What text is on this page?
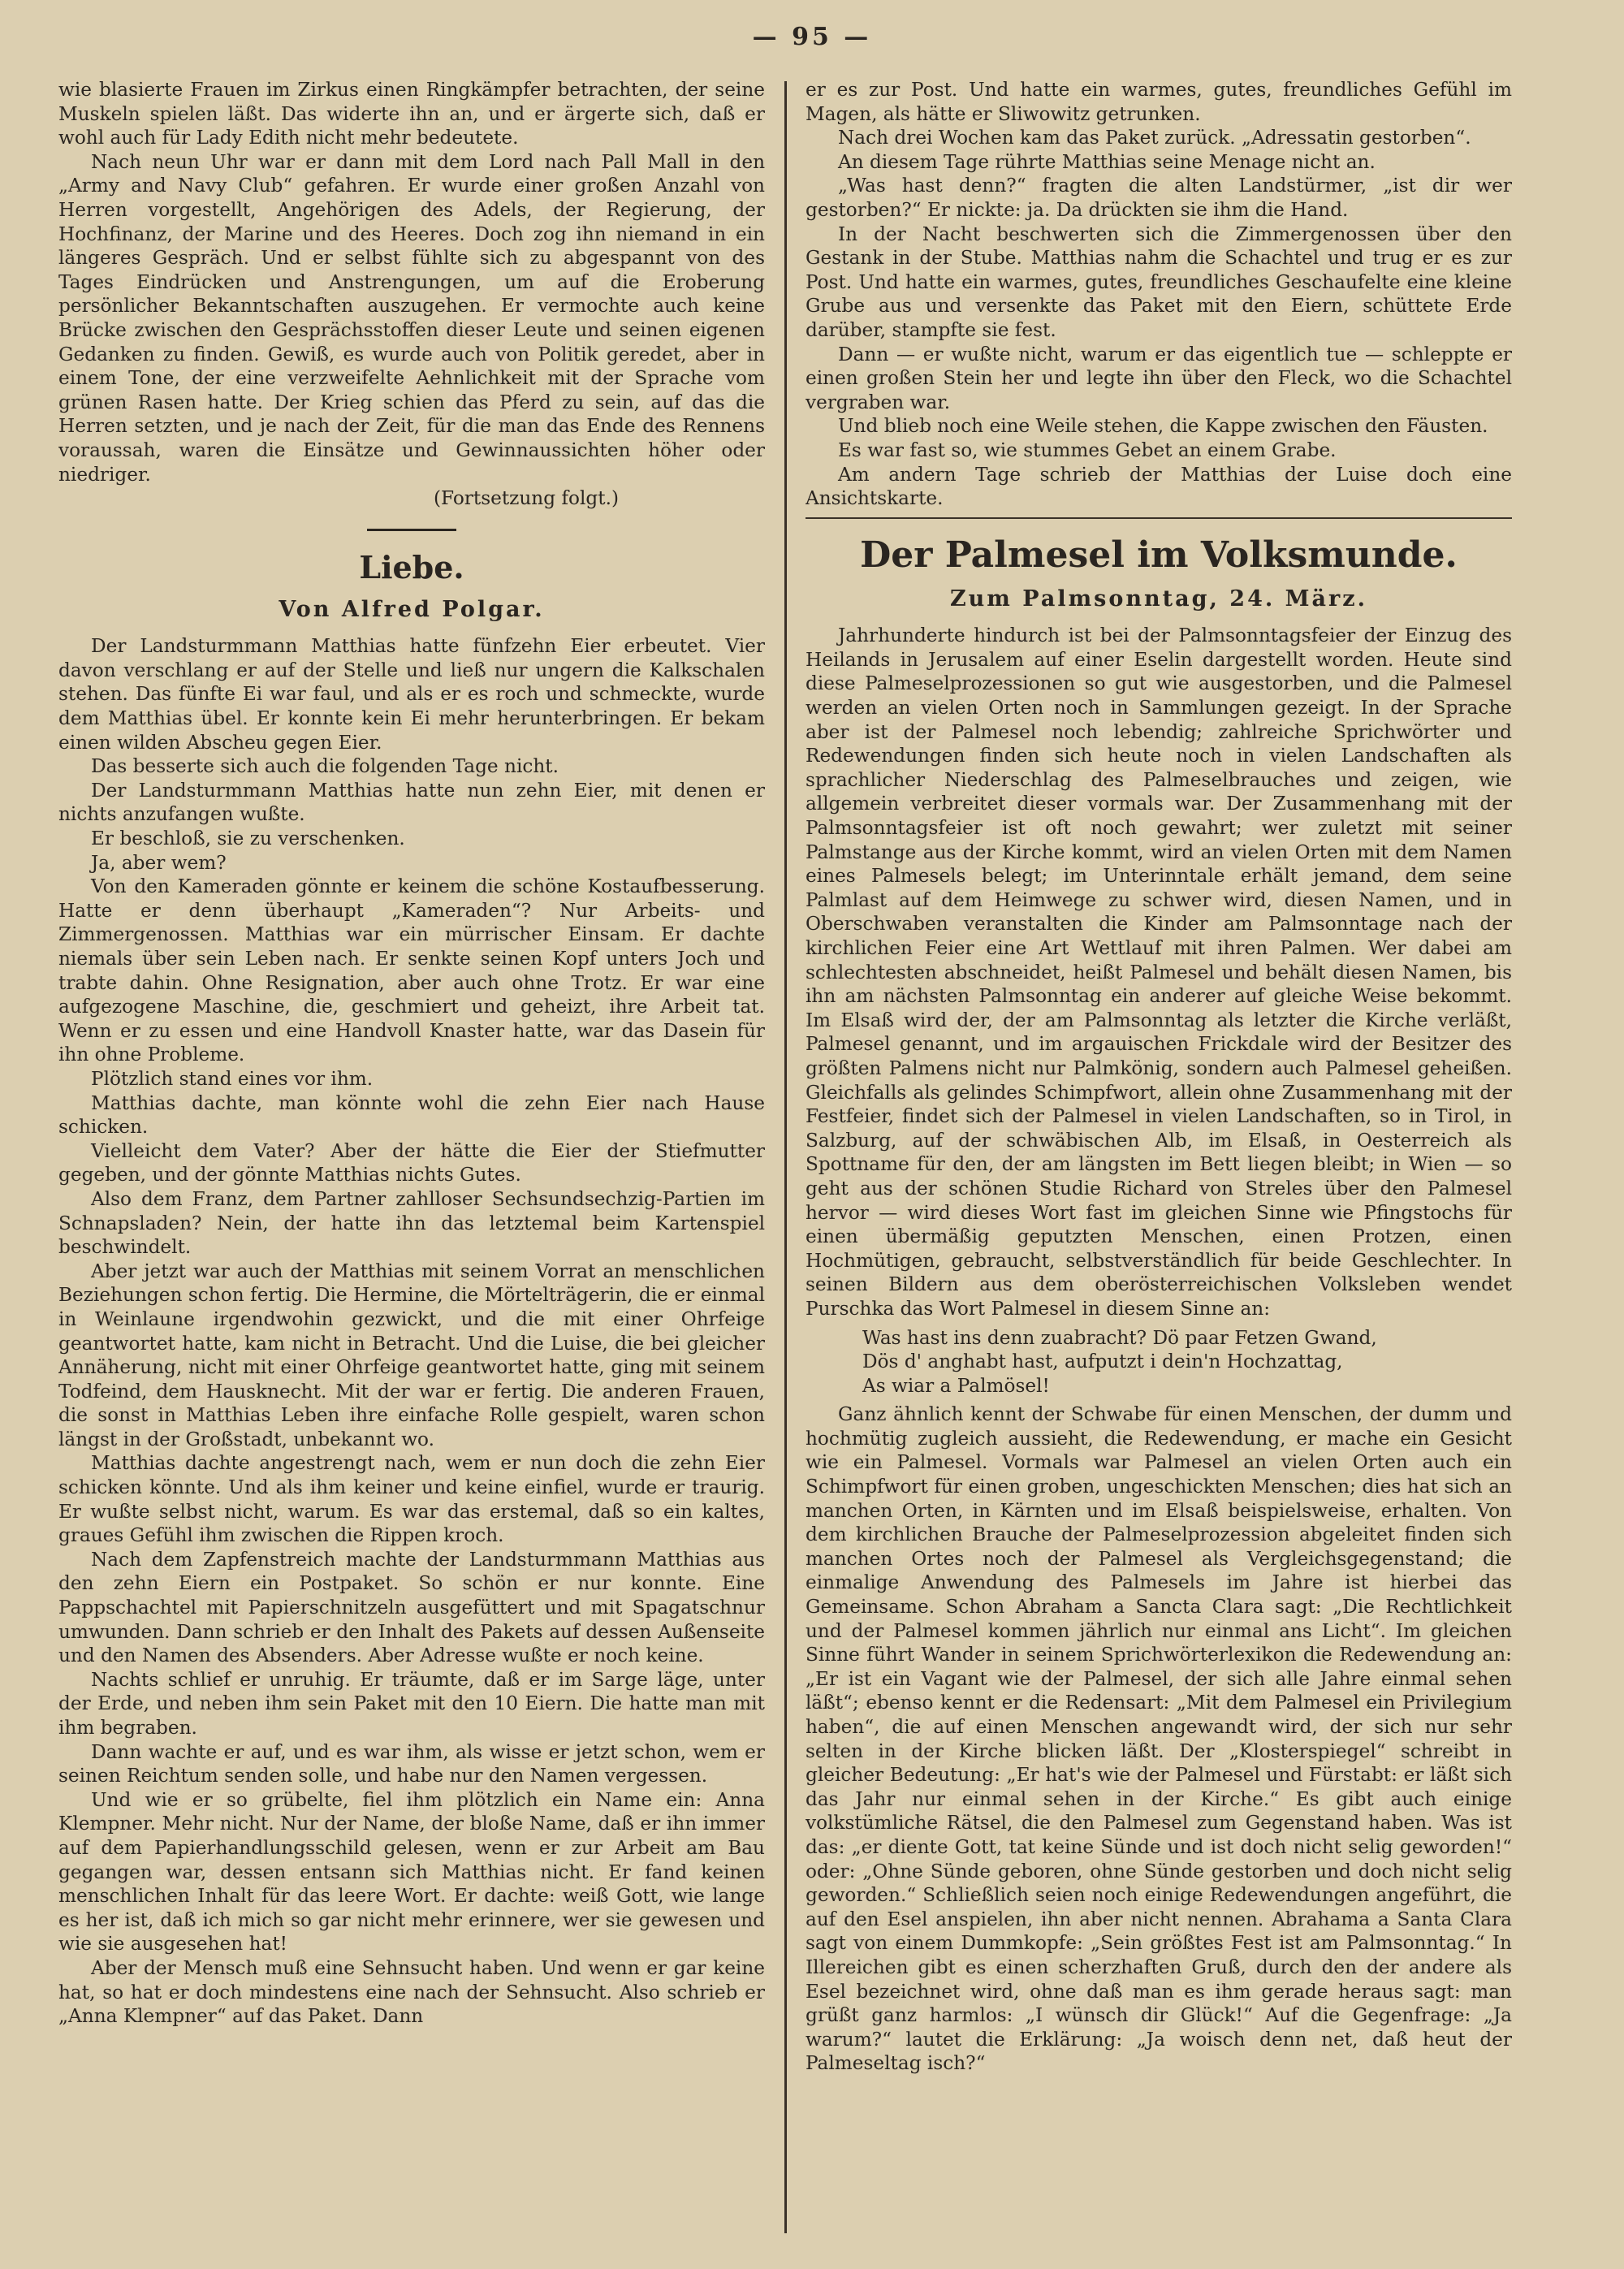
— 95 —

wie blasierte Frauen im Zirkus einen Ringkämpfer betrachten, der seine Muskeln spielen läßt. Das widerte ihn an, und er ärgerte sich, daß er wohl auch für Lady Edith nicht mehr bedeutete.

Nach neun Uhr war er dann mit dem Lord nach Pall Mall in den „Army and Navy Club“ gefahren. Er wurde einer großen Anzahl von Herren vorgestellt, Angehörigen des Adels, der Regierung, der Hochfinanz, der Marine und des Heeres. Doch zog ihn niemand in ein längeres Gespräch. Und er selbst fühlte sich zu abgespannt von des Tages Eindrücken und Anstrengungen, um auf die Eroberung persönlicher Bekanntschaften auszugehen. Er vermochte auch keine Brücke zwischen den Gesprächsstoffen dieser Leute und seinen eigenen Gedanken zu finden. Gewiß, es wurde auch von Politik geredet, aber in einem Tone, der eine verzweifelte Aehnlichkeit mit der Sprache vom grünen Rasen hatte. Der Krieg schien das Pferd zu sein, auf das die Herren setzten, und je nach der Zeit, für die man das Ende des Rennens voraussah, waren die Einsätze und Gewinnaussichten höher oder niedriger.

(Fortsetzung folgt.)

Liebe.
Von Alfred Polgar.

Der Landsturmmann Matthias hatte fünfzehn Eier erbeutet. Vier davon verschlang er auf der Stelle und ließ nur ungern die Kalkschalen stehen. Das fünfte Ei war faul, und als er es roch und schmeckte, wurde dem Matthias übel. Er konnte kein Ei mehr herunterbringen. Er bekam einen wilden Abscheu gegen Eier.

Das besserte sich auch die folgenden Tage nicht.

Der Landsturmmann Matthias hatte nun zehn Eier, mit denen er nichts anzufangen wußte.

Er beschloß, sie zu verschenken.

Ja, aber wem?

Von den Kameraden gönnte er keinem die schöne Kostaufbesserung. Hatte er denn überhaupt „Kameraden“? Nur Arbeits- und Zimmergenossen. Matthias war ein mürrischer Einsam. Er dachte niemals über sein Leben nach. Er senkte seinen Kopf unters Joch und trabte dahin. Ohne Resignation, aber auch ohne Trotz. Er war eine aufgezogene Maschine, die, geschmiert und geheizt, ihre Arbeit tat. Wenn er zu essen und eine Handvoll Knaster hatte, war das Dasein für ihn ohne Probleme.

Plötzlich stand eines vor ihm.

Matthias dachte, man könnte wohl die zehn Eier nach Hause schicken.

Vielleicht dem Vater? Aber der hätte die Eier der Stiefmutter gegeben, und der gönnte Matthias nichts Gutes.

Also dem Franz, dem Partner zahlloser Sechsundsechzig-Partien im Schnapsladen? Nein, der hatte ihn das letztemal beim Kartenspiel beschwindelt.

Aber jetzt war auch der Matthias mit seinem Vorrat an menschlichen Beziehungen schon fertig. Die Hermine, die Mörtelträgerin, die er einmal in Weinlaune irgendwohin gezwickt, und die mit einer Ohrfeige geantwortet hatte, kam nicht in Betracht. Und die Luise, die bei gleicher Annäherung, nicht mit einer Ohrfeige geantwortet hatte, ging mit seinem Todfeind, dem Hausknecht. Mit der war er fertig. Die anderen Frauen, die sonst in Matthias Leben ihre einfache Rolle gespielt, waren schon längst in der Großstadt, unbekannt wo.

Matthias dachte angestrengt nach, wem er nun doch die zehn Eier schicken könnte. Und als ihm keiner und keine einfiel, wurde er traurig. Er wußte selbst nicht, warum. Es war das erstemal, daß so ein kaltes, graues Gefühl ihm zwischen die Rippen kroch.

Nach dem Zapfenstreich machte der Landsturmmann Matthias aus den zehn Eiern ein Postpaket. So schön er nur konnte. Eine Pappschachtel mit Papierschnitzeln ausgefüttert und mit Spagatschnur umwunden. Dann schrieb er den Inhalt des Pakets auf dessen Außenseite und den Namen des Absenders. Aber Adresse wußte er noch keine.

Nachts schlief er unruhig. Er träumte, daß er im Sarge läge, unter der Erde, und neben ihm sein Paket mit den 10 Eiern. Die hatte man mit ihm begraben.

Dann wachte er auf, und es war ihm, als wisse er jetzt schon, wem er seinen Reichtum senden solle, und habe nur den Namen vergessen.

Und wie er so grübelte, fiel ihm plötzlich ein Name ein: Anna Klempner. Mehr nicht. Nur der Name, der bloße Name, daß er ihn immer auf dem Papierhandlungsschild gelesen, wenn er zur Arbeit am Bau gegangen war, dessen entsann sich Matthias nicht. Er fand keinen menschlichen Inhalt für das leere Wort. Er dachte: weiß Gott, wie lange es her ist, daß ich mich so gar nicht mehr erinnere, wer sie gewesen und wie sie ausgesehen hat!

Aber der Mensch muß eine Sehnsucht haben. Und wenn er gar keine hat, so hat er doch mindestens eine nach der Sehnsucht. Also schrieb er „Anna Klempner“ auf das Paket. Dann

er es zur Post. Und hatte ein warmes, gutes, freundliches Gefühl im Magen, als hätte er Sliwowitz getrunken.

Nach drei Wochen kam das Paket zurück. „Adressatin gestorben“.

An diesem Tage rührte Matthias seine Menage nicht an.

„Was hast denn?“ fragten die alten Landstürmer, „ist dir wer gestorben?“ Er nickte: ja. Da drückten sie ihm die Hand.

In der Nacht beschwerten sich die Zimmergenossen über den Gestank in der Stube. Matthias nahm die Schachtel und trug er es zur Post. Und hatte ein warmes, gutes, freundliches Geschaufelte eine kleine Grube aus und versenkte das Paket mit den Eiern, schüttete Erde darüber, stampfte sie fest.

Dann — er wußte nicht, warum er das eigentlich tue — schleppte er einen großen Stein her und legte ihn über den Fleck, wo die Schachtel vergraben war.

Und blieb noch eine Weile stehen, die Kappe zwischen den Fäusten.

Es war fast so, wie stummes Gebet an einem Grabe.

Am andern Tage schrieb der Matthias der Luise doch eine Ansichtskarte.

Der Palmesel im Volksmunde.
Zum Palmsonntag, 24. März.

Jahrhunderte hindurch ist bei der Palmsonntagsfeier der Einzug des Heilands in Jerusalem auf einer Eselin dargestellt worden. Heute sind diese Palmeselprozessionen so gut wie ausgestorben, und die Palmesel werden an vielen Orten noch in Sammlungen gezeigt. In der Sprache aber ist der Palmesel noch lebendig; zahlreiche Sprichwörter und Redewendungen finden sich heute noch in vielen Landschaften als sprachlicher Niederschlag des Palmeselbrauches und zeigen, wie allgemein verbreitet dieser vormals war. Der Zusammenhang mit der Palmsonntagsfeier ist oft noch gewahrt; wer zuletzt mit seiner Palmstange aus der Kirche kommt, wird an vielen Orten mit dem Namen eines Palmesels belegt; im Unterinntale erhält jemand, dem seine Palmlast auf dem Heimwege zu schwer wird, diesen Namen, und in Oberschwaben veranstalten die Kinder am Palmsonntage nach der kirchlichen Feier eine Art Wettlauf mit ihren Palmen. Wer dabei am schlechtesten abschneidet, heißt Palmesel und behält diesen Namen, bis ihn am nächsten Palmsonntag ein anderer auf gleiche Weise bekommt. Im Elsaß wird der, der am Palmsonntag als letzter die Kirche verläßt, Palmesel genannt, und im argauischen Frickdale wird der Besitzer des größten Palmens nicht nur Palmkönig, sondern auch Palmesel geheißen. Gleichfalls als gelindes Schimpfwort, allein ohne Zusammenhang mit der Festfeier, findet sich der Palmesel in vielen Landschaften, so in Tirol, in Salzburg, auf der schwäbischen Alb, im Elsaß, in Oesterreich als Spottname für den, der am längsten im Bett liegen bleibt; in Wien — so geht aus der schönen Studie Richard von Streles über den Palmesel hervor — wird dieses Wort fast im gleichen Sinne wie Pfingstochs für einen übermäßig geputzten Menschen, einen Protzen, einen Hochmütigen, gebraucht, selbstverständlich für beide Geschlechter. In seinen Bildern aus dem oberösterreichischen Volksleben wendet Purschka das Wort Palmesel in diesem Sinne an:

Was hast ins denn zuabracht? Dö paar Fetzen Gwand,
Dös d' anghabt hast, aufputzt i dein'n Hochzattag,
As wiar a Palmösel!

Ganz ähnlich kennt der Schwabe für einen Menschen, der dumm und hochmütig zugleich aussieht, die Redewendung, er mache ein Gesicht wie ein Palmesel. Vormals war Palmesel an vielen Orten auch ein Schimpfwort für einen groben, ungeschickten Menschen; dies hat sich an manchen Orten, in Kärnten und im Elsaß beispielsweise, erhalten. Von dem kirchlichen Brauche der Palmeselprozession abgeleitet finden sich manchen Ortes noch der Palmesel als Vergleichsgegenstand; die einmalige Anwendung des Palmesels im Jahre ist hierbei das Gemeinsame. Schon Abraham a Sancta Clara sagt: „Die Rechtlichkeit und der Palmesel kommen jährlich nur einmal ans Licht“. Im gleichen Sinne führt Wander in seinem Sprichwörterlexikon die Redewendung an: „Er ist ein Vagant wie der Palmesel, der sich alle Jahre einmal sehen läßt“; ebenso kennt er die Redensart: „Mit dem Palmesel ein Privilegium haben“, die auf einen Menschen angewandt wird, der sich nur sehr selten in der Kirche blicken läßt. Der „Klosterspiegel“ schreibt in gleicher Bedeutung: „Er hat's wie der Palmesel und Fürstabt: er läßt sich das Jahr nur einmal sehen in der Kirche.“ Es gibt auch einige volkstümliche Rätsel, die den Palmesel zum Gegenstand haben. Was ist das: „er diente Gott, tat keine Sünde und ist doch nicht selig geworden!“ oder: „Ohne Sünde geboren, ohne Sünde gestorben und doch nicht selig geworden.“ Schließlich seien noch einige Redewendungen angeführt, die auf den Esel anspielen, ihn aber nicht nennen. Abrahama a Santa Clara sagt von einem Dummkopfe: „Sein größtes Fest ist am Palmsonntag.“ In Illereichen gibt es einen scherzhaften Gruß, durch den der andere als Esel bezeichnet wird, ohne daß man es ihm gerade heraus sagt: man grüßt ganz harmlos: „I wünsch dir Glück!“ Auf die Gegenfrage: „Ja warum?“ lautet die Erklärung: „Ja woisch denn net, daß heut der Palmeseltag isch?“
